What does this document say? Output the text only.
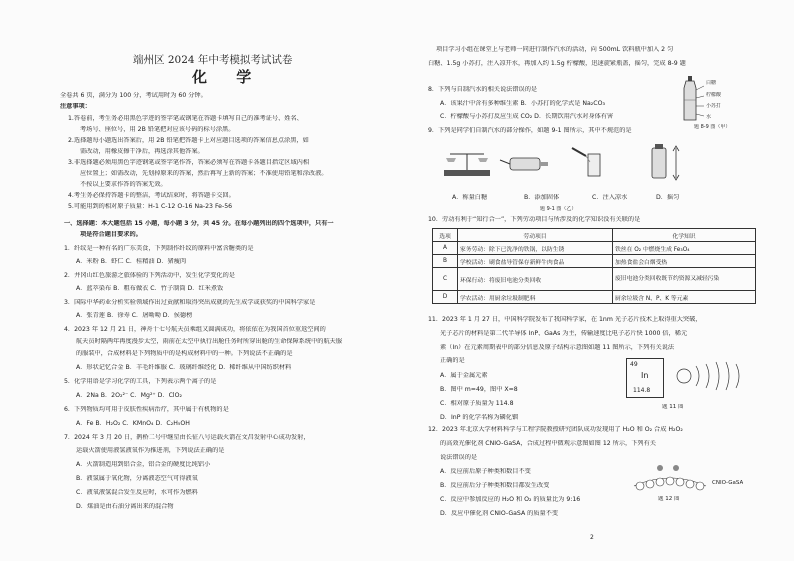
端州区 2024 年中考模拟考试试卷
化 学
全卷共 6 页，满分为 100 分，考试用时为 60 分钟。
注意事项：
1.答卷前，考生务必用黑色字迹的签字笔或钢笔在答题卡填写自己的准考证号、姓名、
考场号、座位号，用 2B 铅笔把对应该号码的标号涂黑。
2.选择题每小题选出答案后，用 2B 铅笔把答题卡上对应题目选项的答案信息点涂黑，如
需改动，用橡皮擦干净后，再选涂其他答案。
3.非选择题必须用黑色字迹钢笔或签字笔作答，答案必须写在答题卡各题目指定区域内相
应位置上；如需改动，先划掉原来的答案，然后再写上新的答案；不准使用铅笔和涂改液。
不按以上要求作答的答案无效。
4.考生务必保持答题卡的整洁，考试结束时，将答题卡交回。
5.可能用到的相对原子质量：H-1 C-12 O-16 Na-23 Fe-56
一、选择题：本大题包括 15 小题，每小题 3 分，共 45 分。在每小题列出的四个选项中，只有一
项是符合题目要求的。
1．纤纹是一种有名的广东美食，下列制作纤纹的原料中富含糖类的是
A．米粉 B．虾仁 C．桂精油 D．猪瘦肉
2．井冈山红色旅游之旅体验的下列活动中，发生化学变化的是
A．蓝萃染布 B．粗布做衣 C．竹子制筒 D．红米煮饭
3．国际中华药业分析实验领域作出过贡献和取得突出成就的先生成学或获奖的中国科学家是
A．张青莲 B．徐寿 C．屠呦呦 D．侯德榜
4．2023 年 12 月 21 日，神舟十七号航天员乘组又圆满成功，将依依在为我国首位重返空间的
航天员时隔两年再度漫步太空，雨前在太空中执行出舱任务时所穿出舱的生命保障系统中的航天服
的服装中，合成材料是下列物质中的是构成材料中的一种。下列说法不正确的是
A．形状记忆合金 B．羊毛纤维服 C．玻璃纤维经化 D．稀纤维从中国纺织材料
5．化学用语是学习化学的工具，下列表示两个离子的是
A．2Na B．2O₂²⁻ C．Mg²⁺ D．ClO₂
6．下列物质均可用于皮肤性疾病治疗，其中属于有机物的是
A．Fe B．H₂O₂ C．KMnO₄ D．C₂H₅OH
7．2024 年 3 月 20 日，鹊桥二号中继星由长征八号运载火箭在文昌发射中心成功发射，
运载火箭使用液氢液氧作为推进剂，下列说法正确的是
A．火箭制造用到铝合金，铝合金的硬度比纯铝小
B．液氢属于氧化物，分离液态空气可得液氧
C．液氧液氢混合发生反应时，水可作为燃料
D．煤油是由石油分离出来的混合物
项目学习小组在课堂上与老师一同进行制作汽水的活动，向 500mL 饮料瓶中加入 2 匀
白糖、1.5g 小苏打，注入凉开水，再加入约 1.5g 柠檬酸，迅速旋紧瓶盖，摇匀，完成 8-9 题
8．下列与自制汽水的相关说法错误的是
A．该果汁中含有多种维生素 B．小苏打的化学式是 Na₂CO₃
C．柠檬酸与小苏打反应生成 CO₂ D．长期饮用汽水对身体有害
9．下列是同学们自制汽水的部分操作，如题 9-1 图所示，其中不规范的是
白糖
柠檬酸
小苏打
水
题 8-9 图（甲）
A．称量白糖	B．添加固体	C．注入凉水	D．摇匀
题 9-1 图（乙）
10．劳动有利于“知行合一”，下列劳动项目与所涉及的化学知识没有关联的是
选项	劳动项目	化学知识
A	家务劳动：除下已洗净的铁锅，以防生锈	铁丝在 O₂ 中燃烧生成 Fe₃O₄
B	学校活动：刷食盐导管保存新鲜牛肉食品	加热食盐会白烟受热
C	环保行动：将废旧电池分类回收	废旧电池分类回收既节约资源又减轻污染
D	学农活动：用厨余垃圾制肥料	厨余垃圾含 N、P、K 等元素
11．2023 年 1 月 27 日，中国科学院发布了我国科学家，在 1nm 光子芯片技术上取得重大突破，
光子芯片的材料是第二代半导体 InP、GaAs 为主，传输速度比电子芯片快 1000 倍，稀元
素（In）在元素周期表中的部分信息及原子结构示意图如题 11 图所示，下列有关说法
正确的是
A．属于金属元素
B．图中 m=49，图中 X=8
C．相对原子质量为 114.8
D．InP 的化学名称为磷化铟
49
In
114.8
题 11 图
12．2023 年北京大学材料科学与工程学院教授研究团队成功发现用了 H₂O 和 O₂ 合成 H₂O₂
的高效光催化剂 CNIO-GaSA，合成过程中微观示意图如图 12 所示，下列有关
说法错误的是
A．反应前后原子种类和数目不变
B．反应前后分子种类和数目都发生改变
C．反应中参加反应的 H₂O 和 O₂ 的质量比为 9:16
D．反应中催化剂 CNIO-GaSA 的质量不变
CNIO-GaSA
题 12 图
2
